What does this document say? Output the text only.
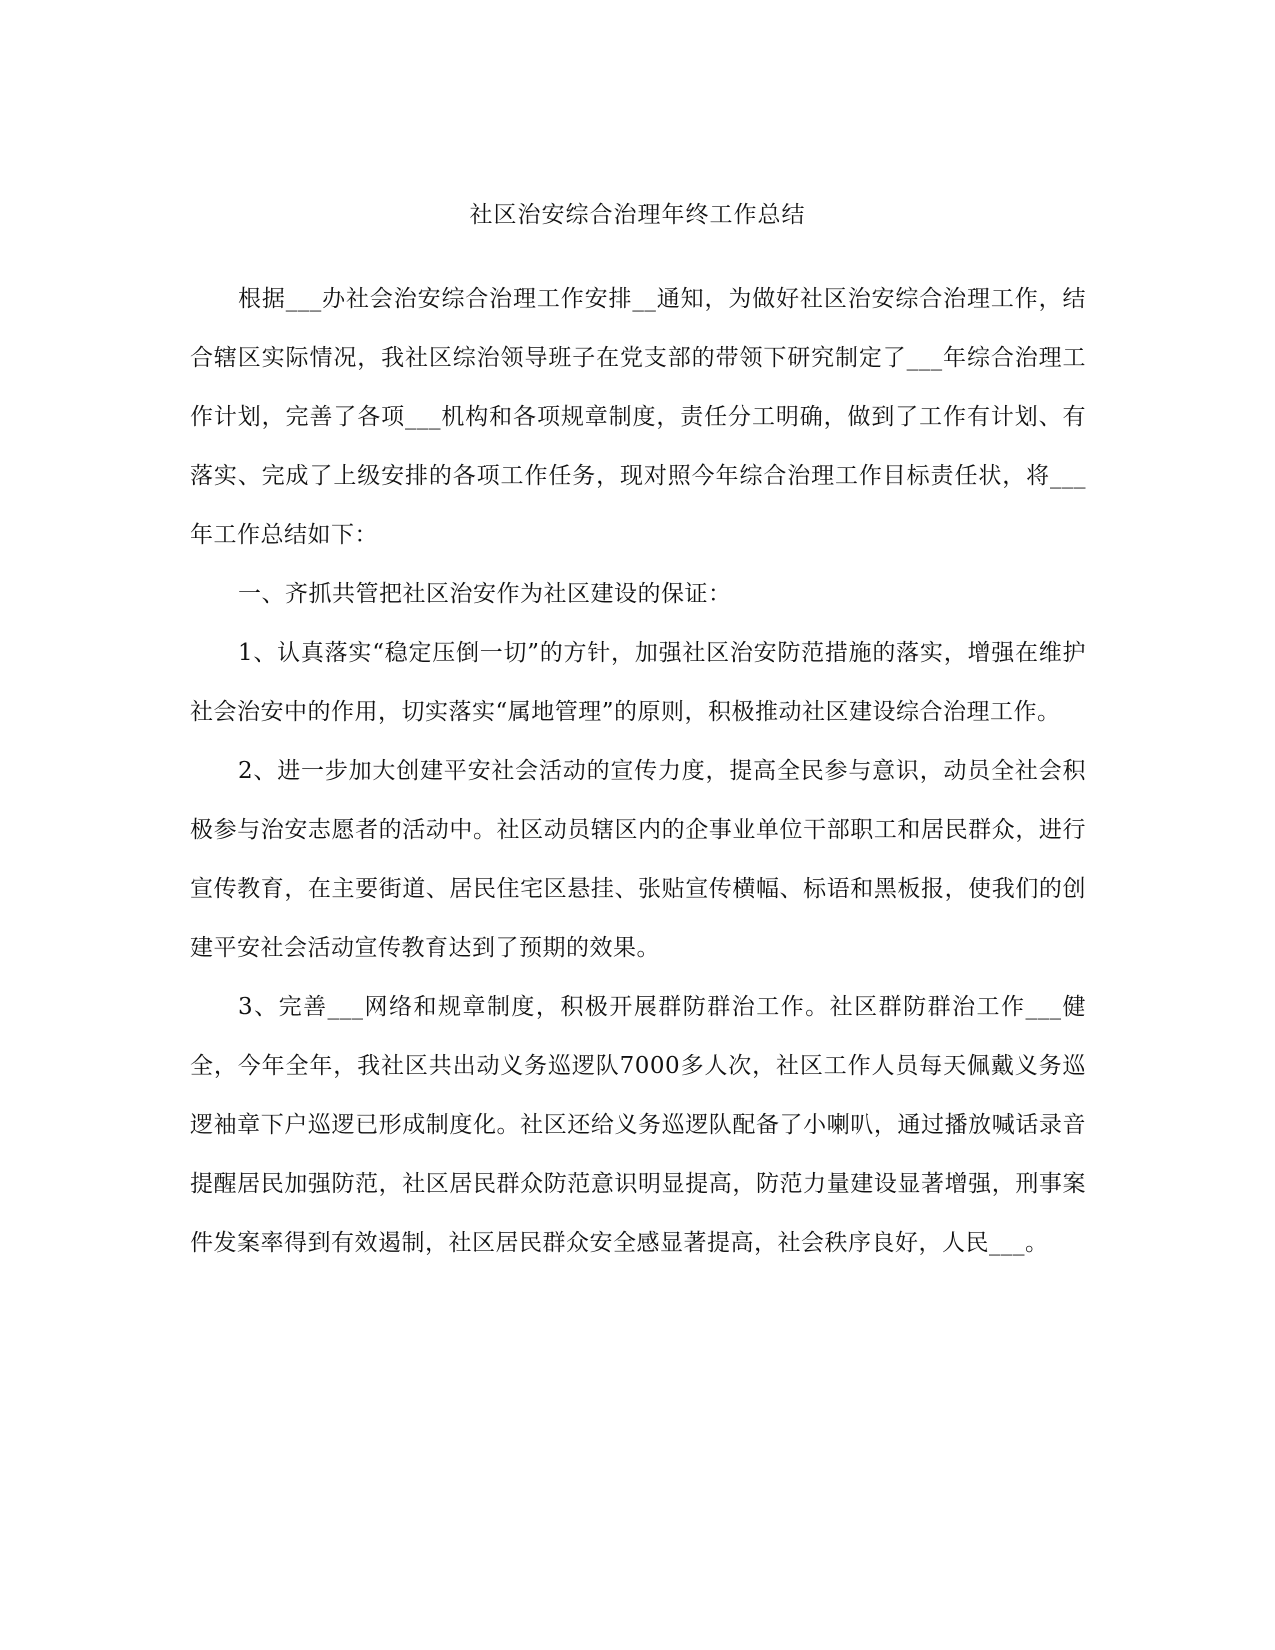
社区治安综合治理年终工作总结

根据___办社会治安综合治理工作安排__通知，为做好社区治安综合治理工作，结合辖区实际情况，我社区综治领导班子在党支部的带领下研究制定了___年综合治理工作计划，完善了各项___机构和各项规章制度，责任分工明确，做到了工作有计划、有落实、完成了上级安排的各项工作任务，现对照今年综合治理工作目标责任状，将___年工作总结如下：

一、齐抓共管把社区治安作为社区建设的保证：

1、认真落实“稳定压倒一切”的方针，加强社区治安防范措施的落实，增强在维护社会治安中的作用，切实落实“属地管理”的原则，积极推动社区建设综合治理工作。

2、进一步加大创建平安社会活动的宣传力度，提高全民参与意识，动员全社会积极参与治安志愿者的活动中。社区动员辖区内的企事业单位干部职工和居民群众，进行宣传教育，在主要街道、居民住宅区悬挂、张贴宣传横幅、标语和黑板报，使我们的创建平安社会活动宣传教育达到了预期的效果。

3、完善___网络和规章制度，积极开展群防群治工作。社区群防群治工作___健全，今年全年，我社区共出动义务巡逻队7000多人次，社区工作人员每天佩戴义务巡逻袖章下户巡逻已形成制度化。社区还给义务巡逻队配备了小喇叭，通过播放喊话录音提醒居民加强防范，社区居民群众防范意识明显提高，防范力量建设显著增强，刑事案件发案率得到有效遏制，社区居民群众安全感显著提高，社会秩序良好，人民___。
